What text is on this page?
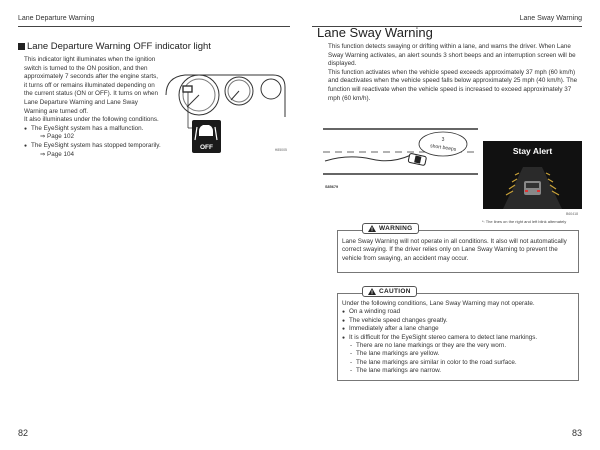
Lane Departure Warning
Lane Departure Warning OFF indicator light

This indicator light illuminates when the ignition switch is turned to the ON position, and then approximately 7 seconds after the engine starts, it turns off or remains illuminated depending on the current status (ON or OFF). It turns on when Lane Departure Warning and Lane Sway Warning are turned off.

It also illuminates under the following conditions.

● The EyeSight system has a malfunction.
⇒ Page 102
● The EyeSight system has stopped temporarily.
⇒ Page 104
OFF	H85005
82
Lane Sway Warning
Lane Sway Warning

This function detects swaying or drifting within a lane, and warns the driver. When Lane Sway Warning activates, an alert sounds 3 short beeps and an interruption screen will be displayed.

This function activates when the vehicle speed exceeds approximately 37 mph (60 km/h) and deactivates when the vehicle speed falls below approximately 25 mph (40 km/h). The function will reactivate when the vehicle speed is increased to exceed approximately 37 mph (60 km/h).

3
short beeps
S85679
Stay Alert
B60418
*: The lines on the right and left blink alternately
Lane Sway Warning will not operate in all conditions. It also will not automatically correct swaying. If the driver relies only on Lane Sway Warning to prevent the vehicle from swaying, an accident may occur.
WARNING
Under the following conditions, Lane Sway Warning may not operate.
● On a winding road
● The vehicle speed changes greatly.
● Immediately after a lane change
● It is difficult for the EyeSight stereo camera to detect lane markings.
- There are no lane markings or they are the very worn.
- The lane markings are yellow.
- The lane markings are similar in color to the road surface.
- The lane markings are narrow.
CAUTION
83
